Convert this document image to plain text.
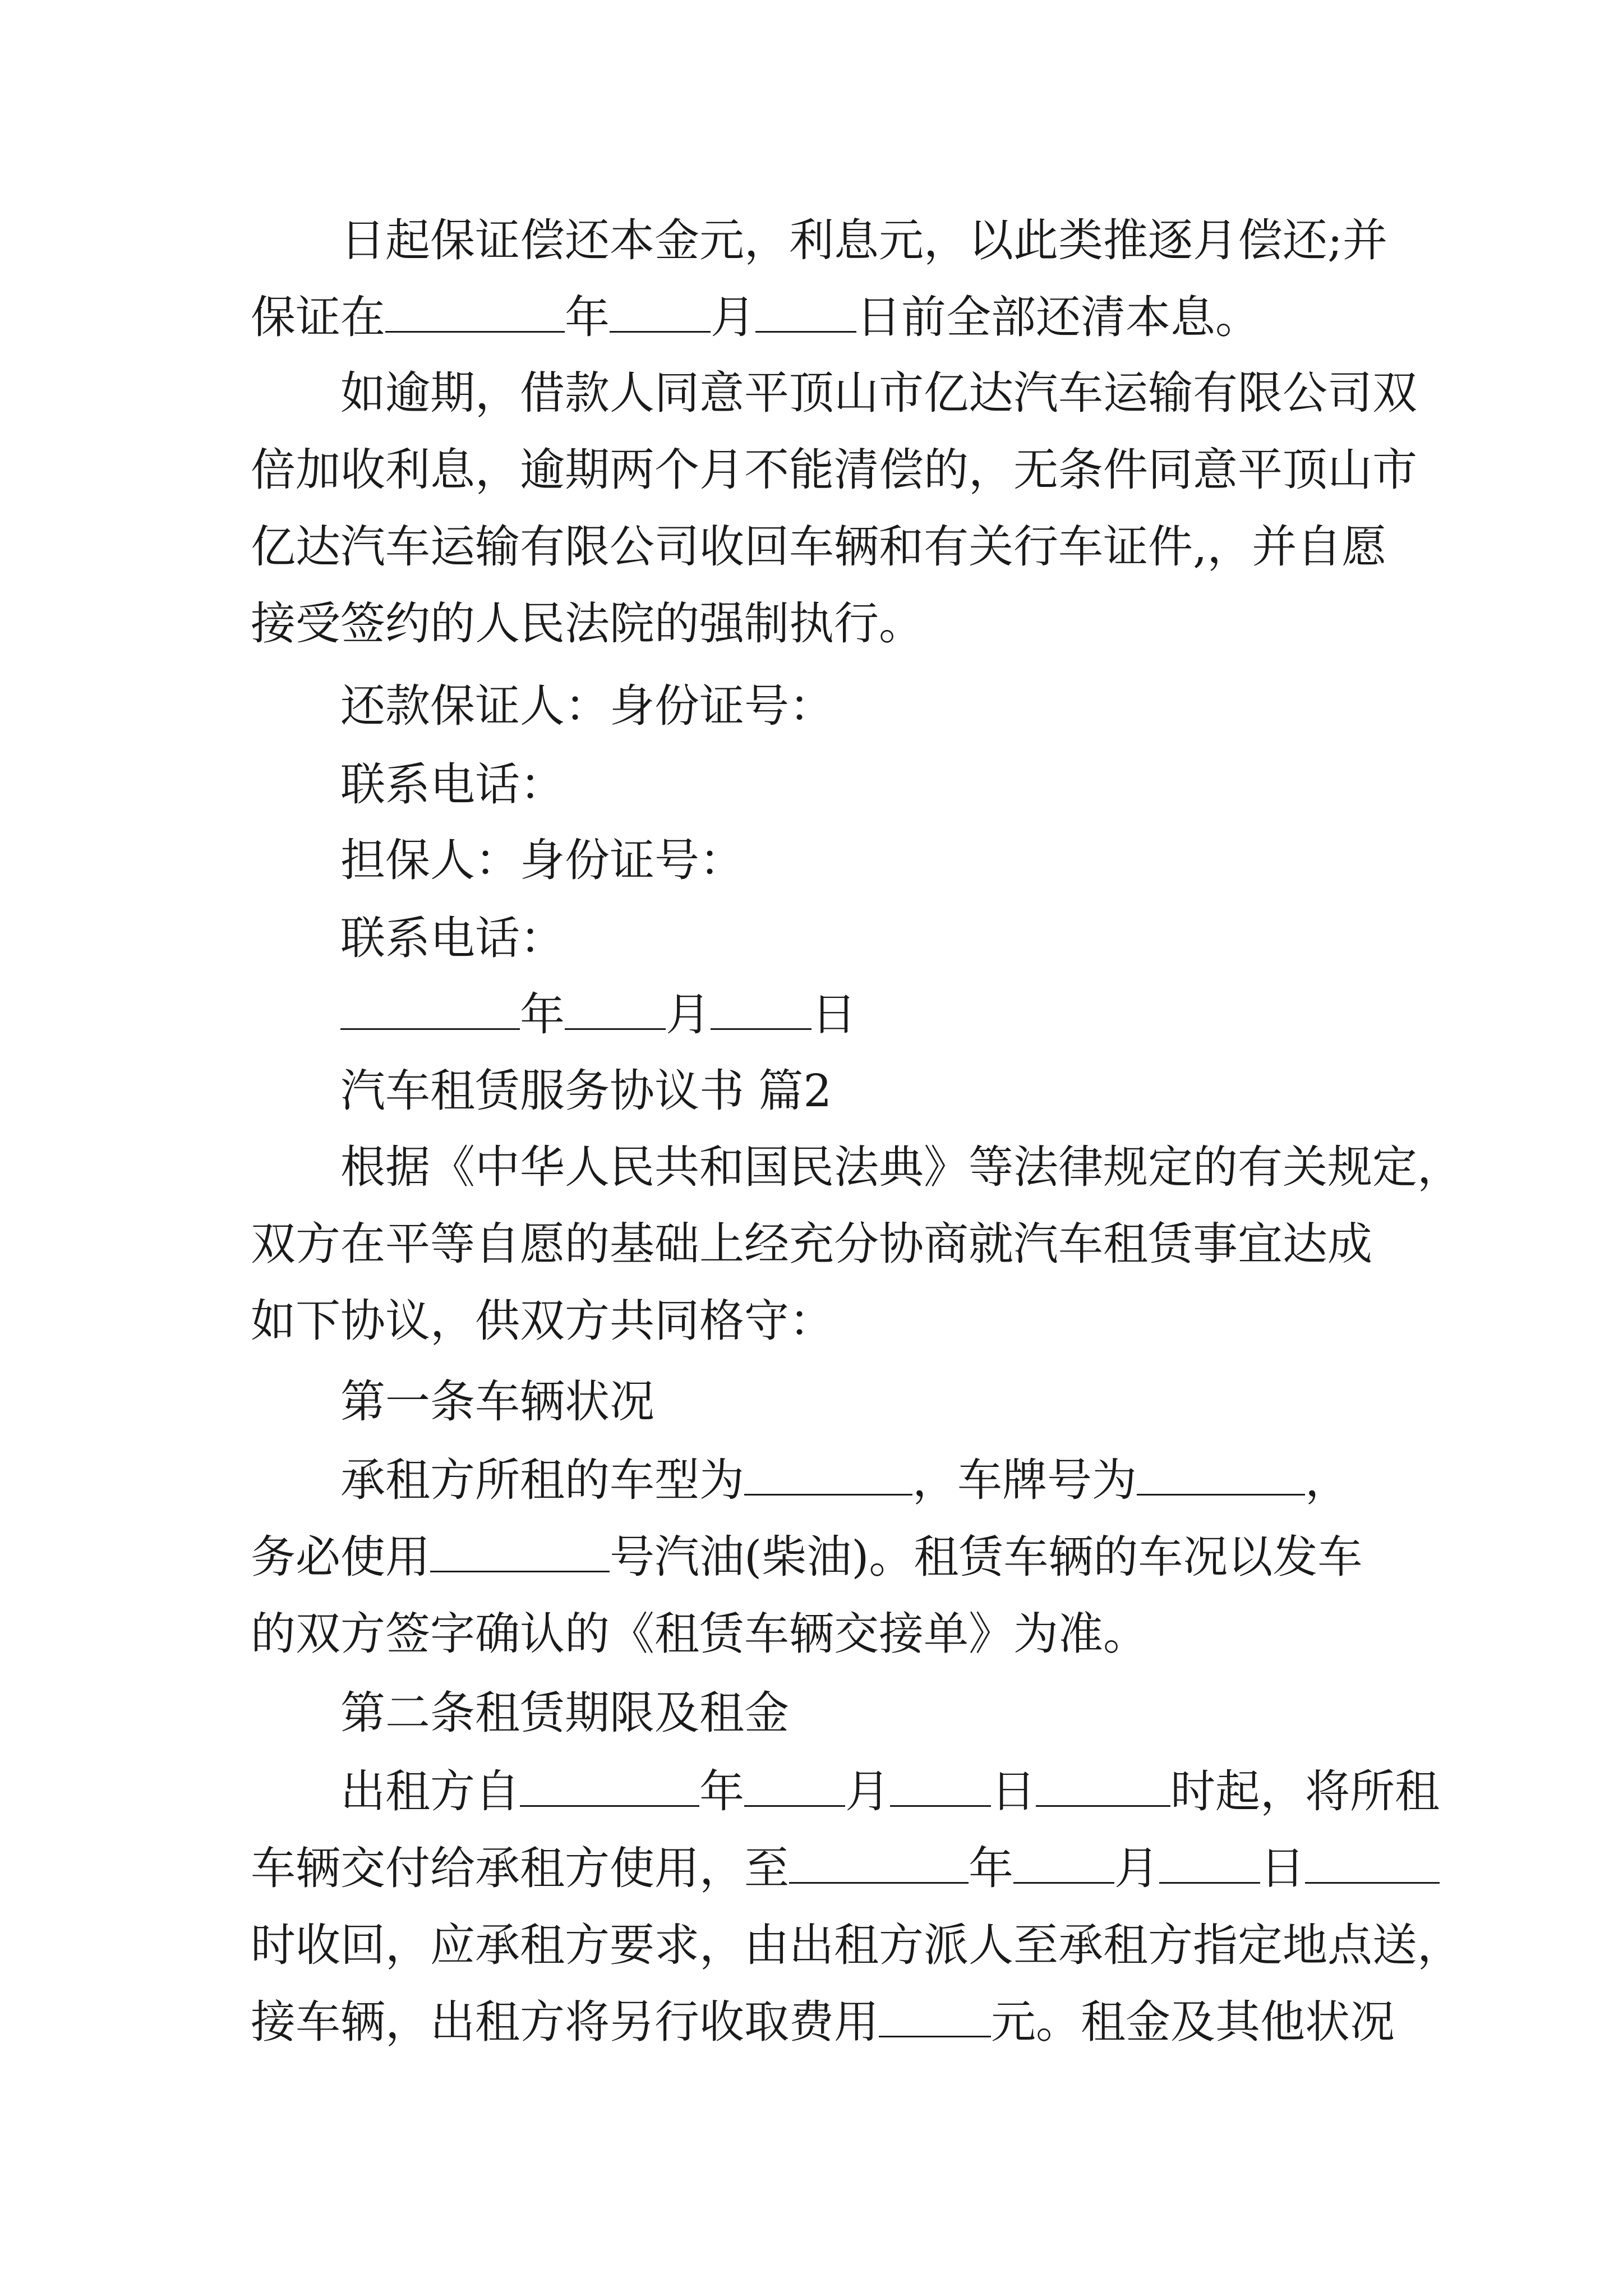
日起保证偿还本金元，利息元，以此类推逐月偿还;并
保证在	年 月 日前全部还清本息。
如逾期，借款人同意平顶山市亿达汽车运输有限公司双
倍加收利息，逾期两个月不能清偿的，无条件同意平顶山市
亿达汽车运输有限公司收回车辆和有关行车证件,，并自愿
接受签约的人民法院的强制执行。
还款保证人：身份证号：
联系电话：
担保人：身份证号：
联系电话：
年 月 日
汽车租赁服务协议书 篇2
根据《中华人民共和国民法典》等法律规定的有关规定，
双方在平等自愿的基础上经充分协商就汽车租赁事宜达成
如下协议，供双方共同格守：
第一条车辆状况
承租方所租的车型为	，车牌号为	，
务必使用	号汽油(柴油)。租赁车辆的车况以发车
的双方签字确认的《租赁车辆交接单》为准。
第二条租赁期限及租金
出租方自	年 月 日	时起，将所租
车辆交付给承租方使用，至	年 月 日
时收回，应承租方要求，由出租方派人至承租方指定地点送，
接车辆，出租方将另行收取费用	元。租金及其他状况
